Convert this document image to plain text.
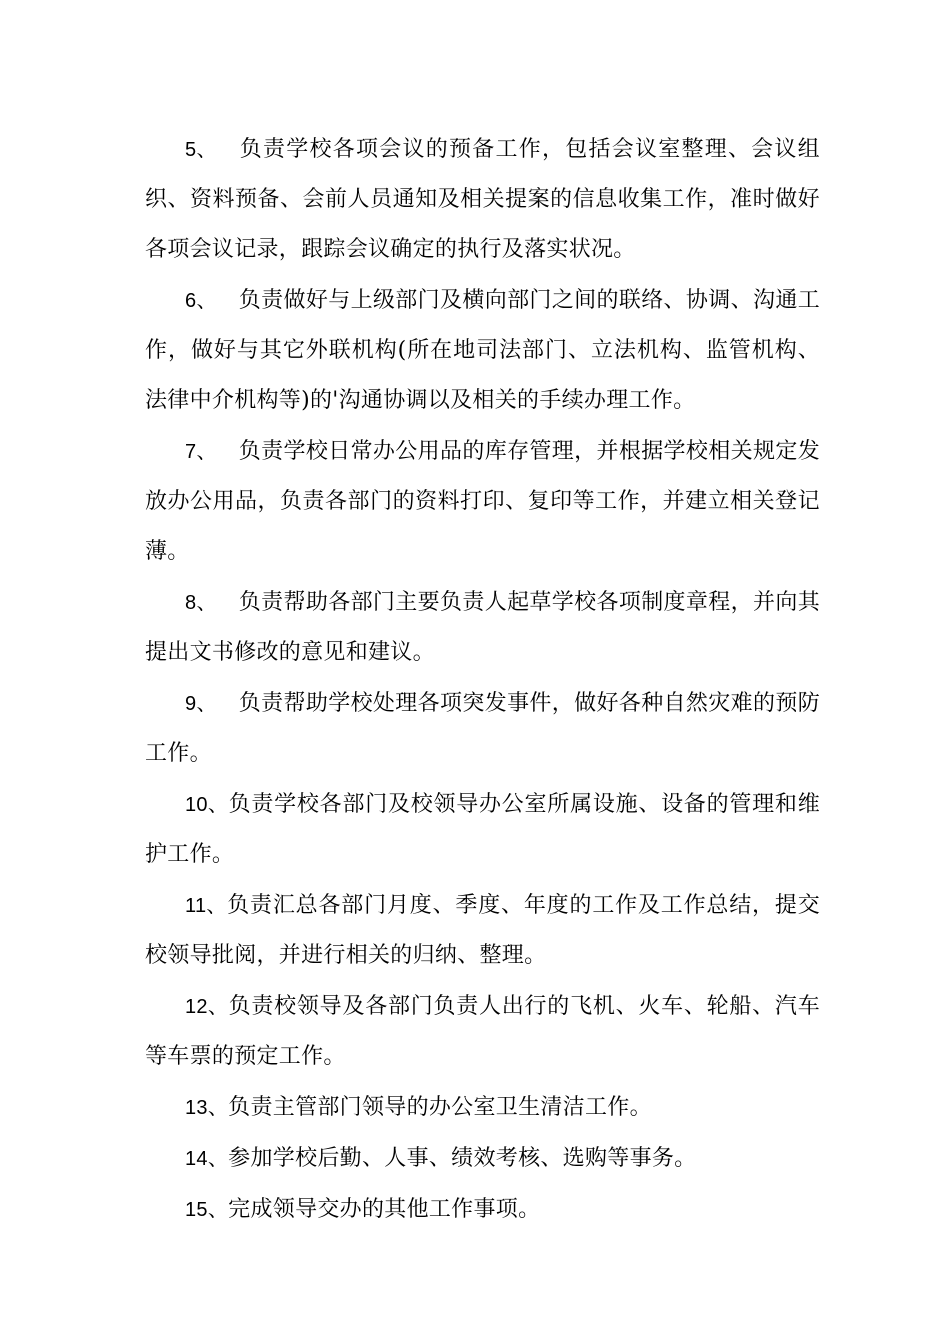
5、 负责学校各项会议的预备工作，包括会议室整理、会议组织、资料预备、会前人员通知及相关提案的信息收集工作，准时做好各项会议记录，跟踪会议确定的执行及落实状况。

6、 负责做好与上级部门及横向部门之间的联络、协调、沟通工作，做好与其它外联机构(所在地司法部门、立法机构、监管机构、法律中介机构等)的'沟通协调以及相关的手续办理工作。

7、 负责学校日常办公用品的库存管理，并根据学校相关规定发放办公用品，负责各部门的资料打印、复印等工作，并建立相关登记薄。

8、 负责帮助各部门主要负责人起草学校各项制度章程，并向其提出文书修改的意见和建议。

9、 负责帮助学校处理各项突发事件，做好各种自然灾难的预防工作。

10、负责学校各部门及校领导办公室所属设施、设备的管理和维护工作。

11、负责汇总各部门月度、季度、年度的工作及工作总结，提交校领导批阅，并进行相关的归纳、整理。

12、负责校领导及各部门负责人出行的飞机、火车、轮船、汽车等车票的预定工作。

13、负责主管部门领导的办公室卫生清洁工作。

14、参加学校后勤、人事、绩效考核、选购等事务。

15、完成领导交办的其他工作事项。
